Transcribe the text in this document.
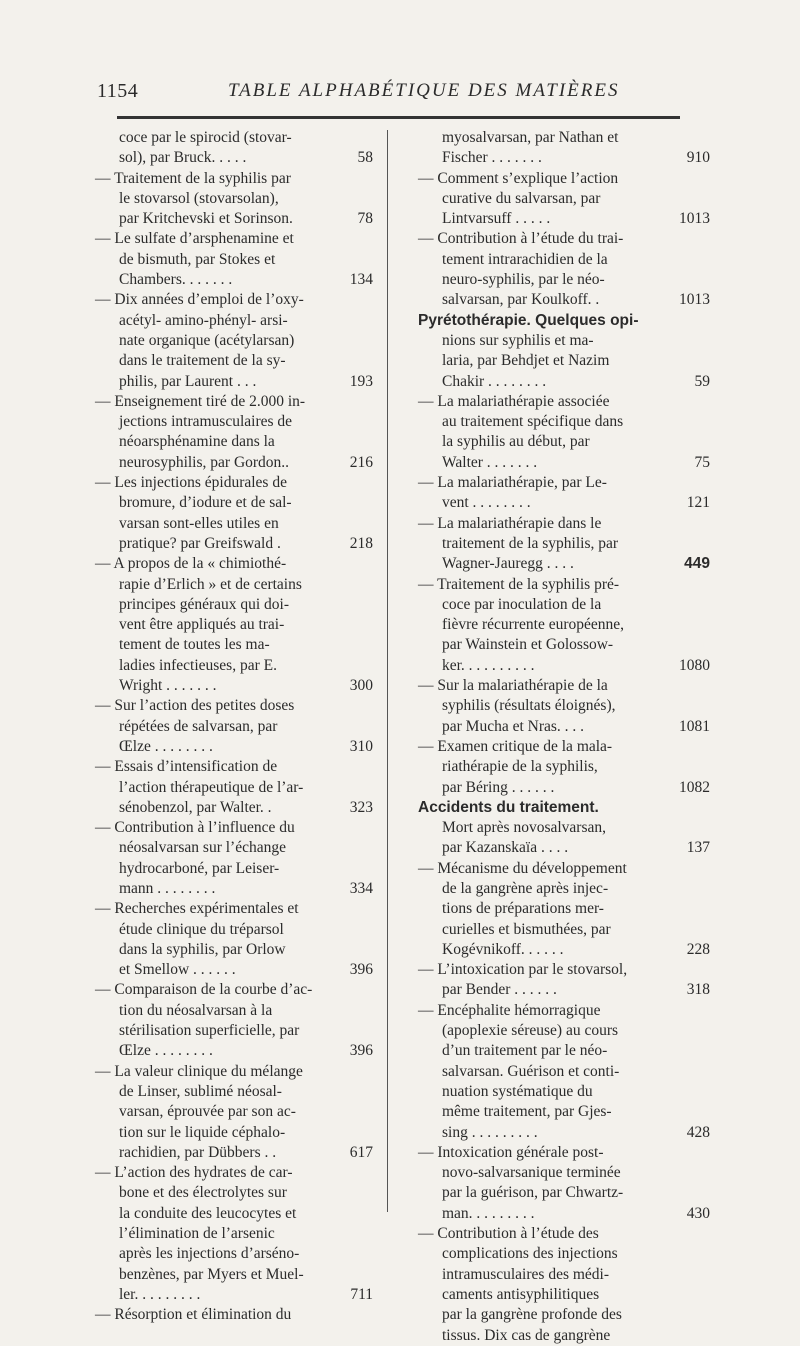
1154	TABLE ALPHABÉTIQUE DES MATIÈRES
coce par le spirocid (stovar-
sol), par Bruck. . . . .	58
— Traitement de la syphilis par
le stovarsol (stovarsolan),
par Kritchevski et Sorinson.	78
— Le sulfate d’arsphenamine et
de bismuth, par Stokes et
Chambers. . . . . . .	134
— Dix années d’emploi de l’oxy-
acétyl- amino-phényl- arsi-
nate organique (acétylarsan)
dans le traitement de la sy-
philis, par Laurent . . .	193
— Enseignement tiré de 2.000 in-
jections intramusculaires de
néoarsphénamine dans la
neurosyphilis, par Gordon..	216
— Les injections épidurales de
bromure, d’iodure et de sal-
varsan sont-elles utiles en
pratique? par Greifswald .	218
— A propos de la « chimiothé-
rapie d’Erlich » et de certains
principes généraux qui doi-
vent être appliqués au trai-
tement de toutes les ma-
ladies infectieuses, par E.
Wright . . . . . . .	300
— Sur l’action des petites doses
répétées de salvarsan, par
Œlze . . . . . . . .	310
— Essais d’intensification de
l’action thérapeutique de l’ar-
sénobenzol, par Walter. .	323
— Contribution à l’influence du
néosalvarsan sur l’échange
hydrocarboné, par Leiser-
mann . . . . . . . .	334
— Recherches expérimentales et
étude clinique du tréparsol
dans la syphilis, par Orlow
et Smellow . . . . . .	396
— Comparaison de la courbe d’ac-
tion du néosalvarsan à la
stérilisation superficielle, par
Œlze . . . . . . . .	396
— La valeur clinique du mélange
de Linser, sublimé néosal-
varsan, éprouvée par son ac-
tion sur le liquide céphalo-
rachidien, par Dübbers . .	617
— L’action des hydrates de car-
bone et des électrolytes sur
la conduite des leucocytes et
l’élimination de l’arsenic
après les injections d’arséno-
benzènes, par Myers et Muel-
ler. . . . . . . . .	711
— Résorption et élimination du
myosalvarsan, par Nathan et
Fischer . . . . . . .	910
— Comment s’explique l’action
curative du salvarsan, par
Lintvarsuff . . . . .	1013
— Contribution à l’étude du trai-
tement intrarachidien de la
neuro-syphilis, par le néo-
salvarsan, par Koulkoff. .	1013
Pyrétothérapie. Quelques opi-
nions sur syphilis et ma-
laria, par Behdjet et Nazim
Chakir . . . . . . . .	59
— La malariathérapie associée
au traitement spécifique dans
la syphilis au début, par
Walter . . . . . . .	75
— La malariathérapie, par Le-
vent . . . . . . . .	121
— La malariathérapie dans le
traitement de la syphilis, par
Wagner-Jauregg . . . .	449
— Traitement de la syphilis pré-
coce par inoculation de la
fièvre récurrente européenne,
par Wainstein et Golossow-
ker. . . . . . . . . .	1080
— Sur la malariathérapie de la
syphilis (résultats éloignés),
par Mucha et Nras. . . .	1081
— Examen critique de la mala-
riathérapie de la syphilis,
par Béring . . . . . .	1082
Accidents du traitement.
Mort après novosalvarsan,
par Kazanskaïa . . . .	137
— Mécanisme du développement
de la gangrène après injec-
tions de préparations mer-
curielles et bismuthées, par
Kogévnikoff. . . . . .	228
— L’intoxication par le stovarsol,
par Bender . . . . . .	318
— Encéphalite hémorragique
(apoplexie séreuse) au cours
d’un traitement par le néo-
salvarsan. Guérison et conti-
nuation systématique du
même traitement, par Gjes-
sing . . . . . . . . .	428
— Intoxication générale post-
novo-salvarsanique terminée
par la guérison, par Chwartz-
man. . . . . . . . .	430
— Contribution à l’étude des
complications des injections
intramusculaires des médi-
caments antisyphilitiques
par la gangrène profonde des
tissus. Dix cas de gangrène
